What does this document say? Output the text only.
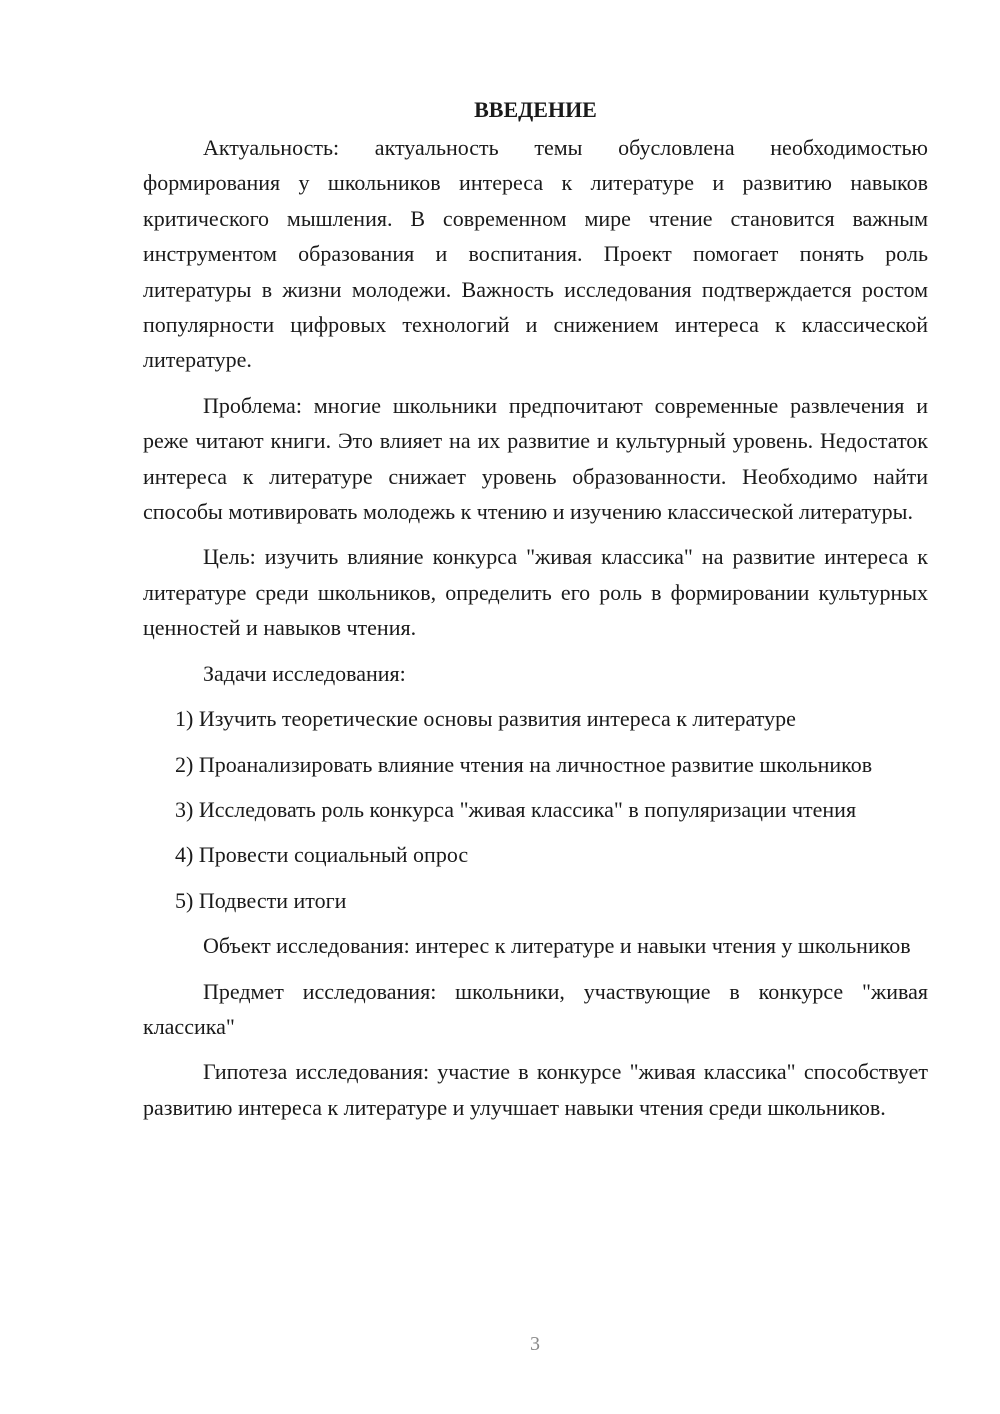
ВВЕДЕНИЕ

Актуальность: актуальность темы обусловлена необходимостью формирования у школьников интереса к литературе и развитию навыков критического мышления. В современном мире чтение становится важным инструментом образования и воспитания. Проект помогает понять роль литературы в жизни молодежи. Важность исследования подтверждается ростом популярности цифровых технологий и снижением интереса к классической литературе.

Проблема: многие школьники предпочитают современные развлечения и реже читают книги. Это влияет на их развитие и культурный уровень. Недостаток интереса к литературе снижает уровень образованности. Необходимо найти способы мотивировать молодежь к чтению и изучению классической литературы.

Цель: изучить влияние конкурса "живая классика" на развитие интереса к литературе среди школьников, определить его роль в формировании культурных ценностей и навыков чтения.

Задачи исследования:

1) Изучить теоретические основы развития интереса к литературе

2) Проанализировать влияние чтения на личностное развитие школьников

3) Исследовать роль конкурса "живая классика" в популяризации чтения

4) Провести социальный опрос

5) Подвести итоги

Объект исследования: интерес к литературе и навыки чтения у школьников

Предмет исследования: школьники, участвующие в конкурсе "живая классика"

Гипотеза исследования: участие в конкурсе "живая классика" способствует развитию интереса к литературе и улучшает навыки чтения среди школьников.

3
